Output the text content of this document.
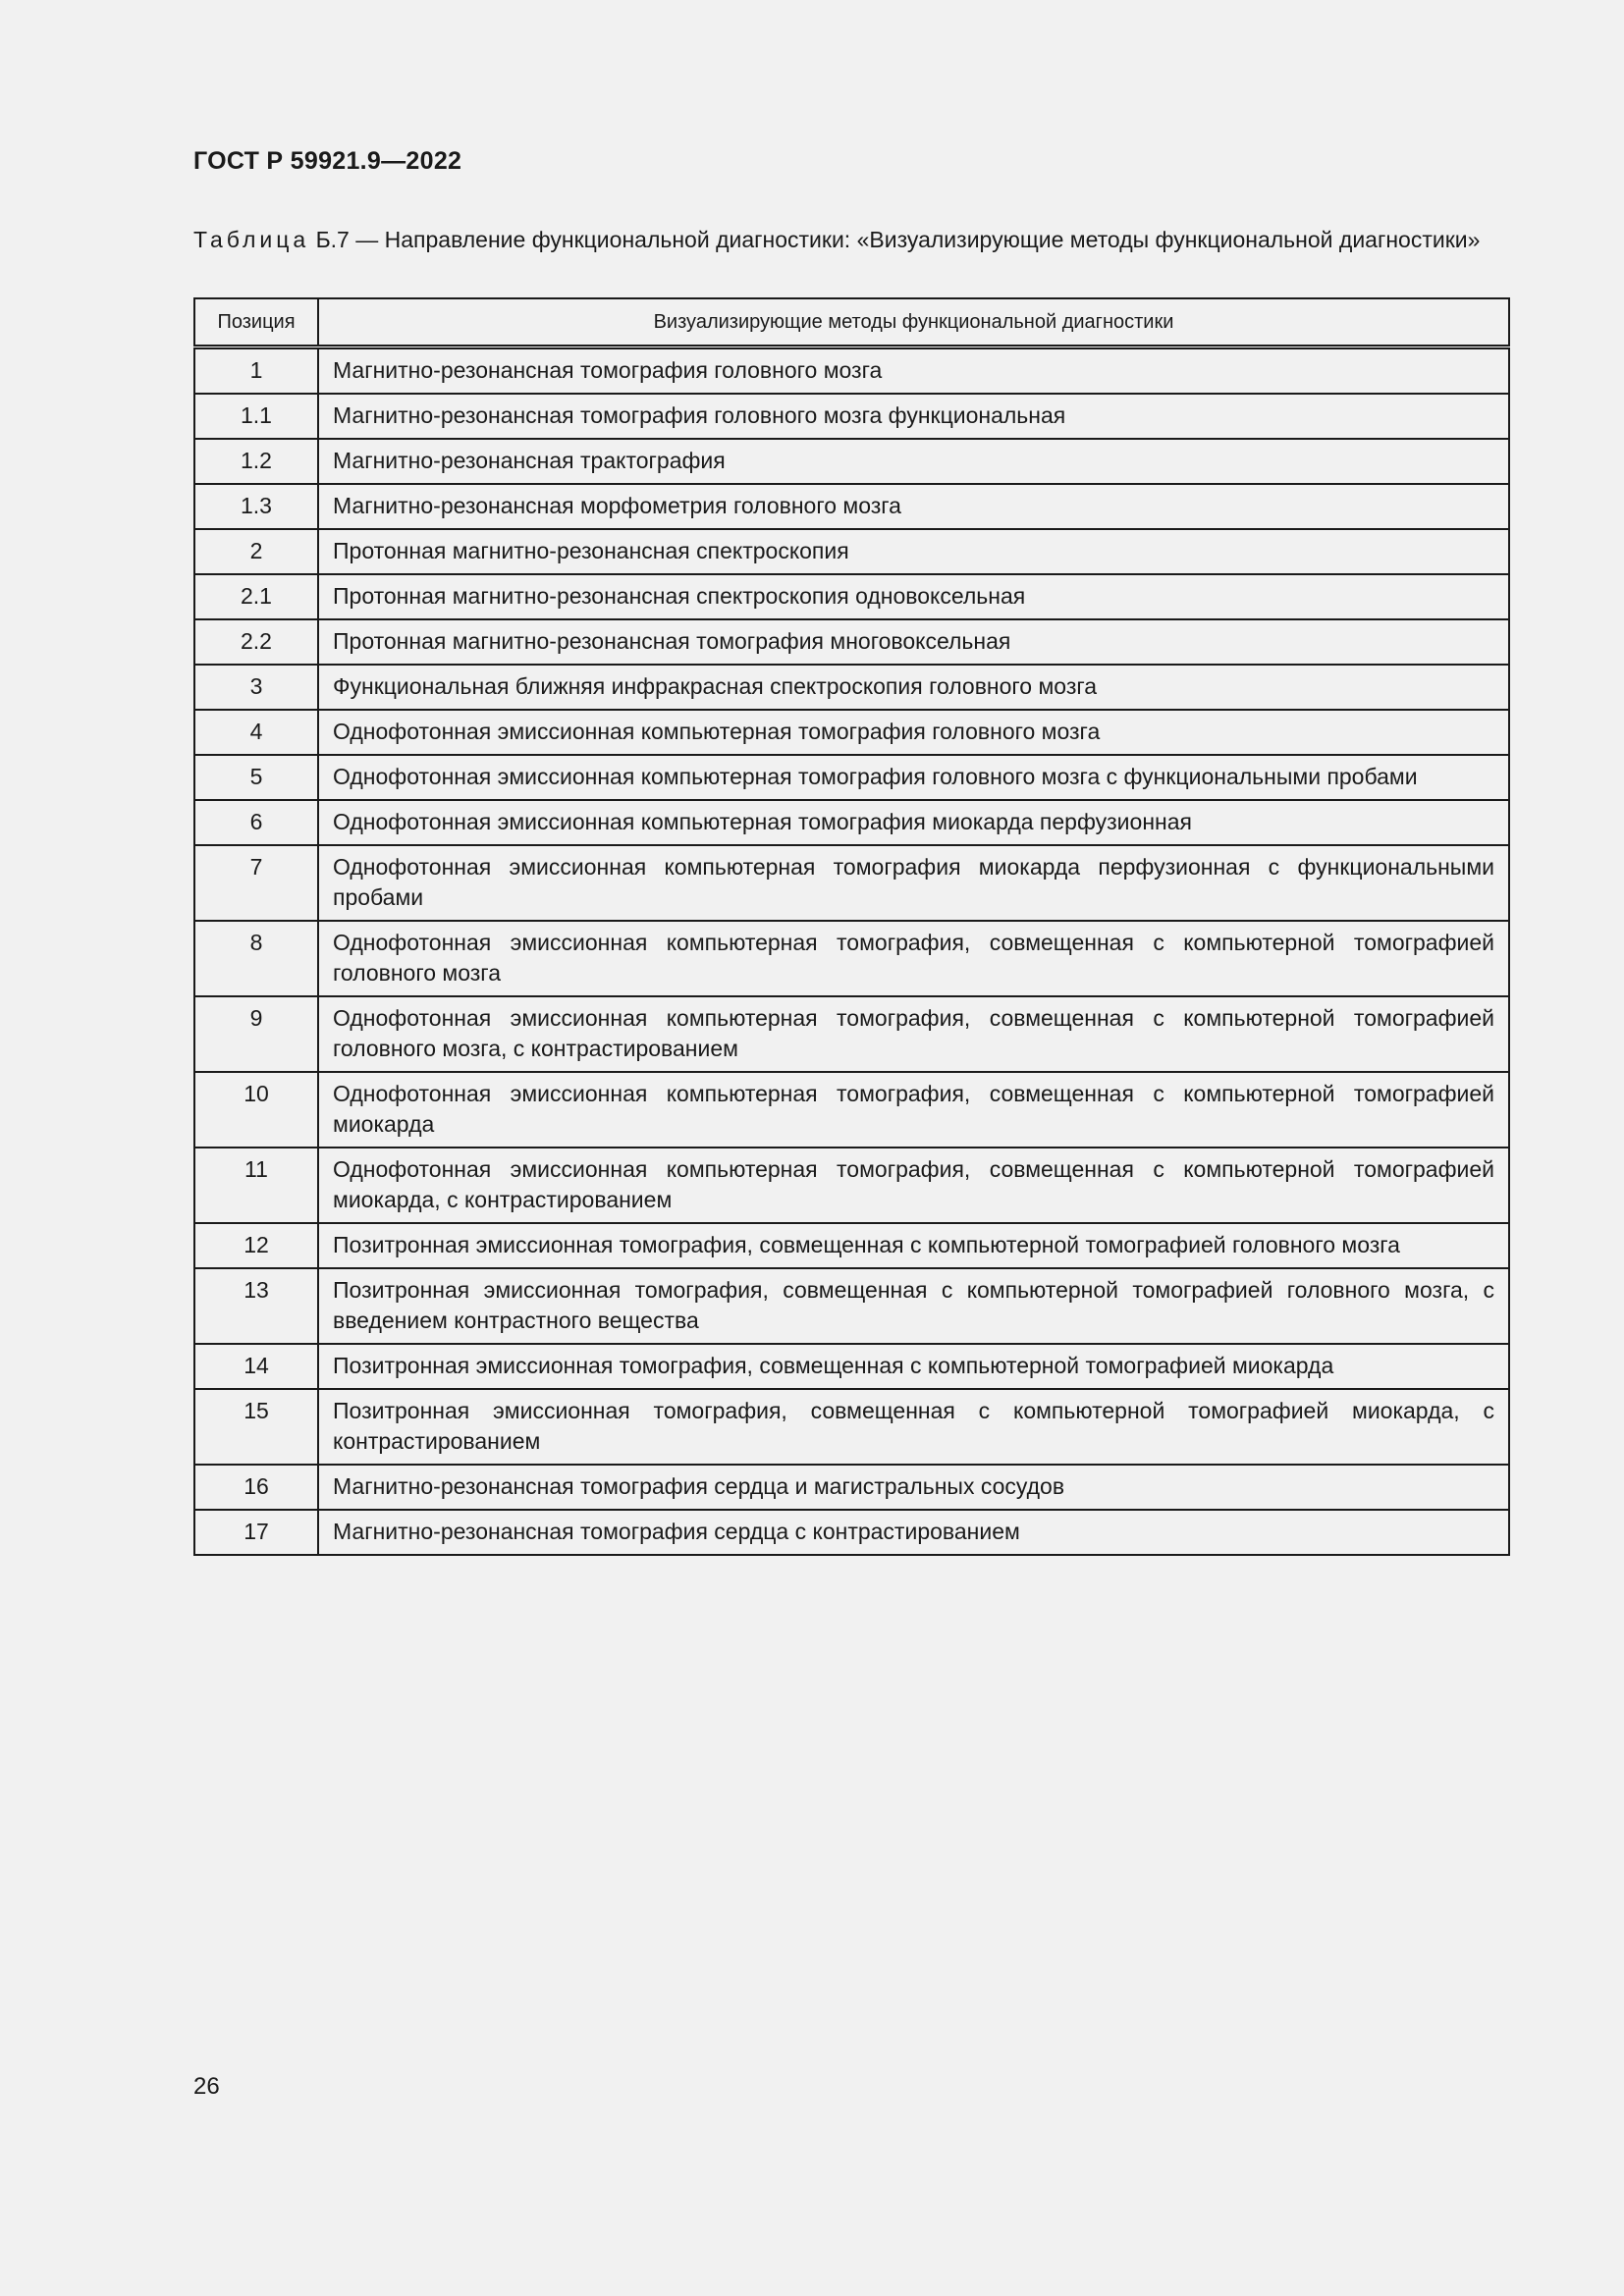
ГОСТ Р 59921.9—2022
Таблица Б.7 — Направление функциональной диагностики: «Визуализирующие методы функциональной диагностики»
Позиция	Визуализирующие методы функциональной диагностики
1	Магнитно-резонансная томография головного мозга
1.1	Магнитно-резонансная томография головного мозга функциональная
1.2	Магнитно-резонансная трактография
1.3	Магнитно-резонансная морфометрия головного мозга
2	Протонная магнитно-резонансная спектроскопия
2.1	Протонная магнитно-резонансная спектроскопия одновоксельная
2.2	Протонная магнитно-резонансная томография многовоксельная
3	Функциональная ближняя инфракрасная спектроскопия головного мозга
4	Однофотонная эмиссионная компьютерная томография головного мозга
5	Однофотонная эмиссионная компьютерная томография головного мозга с функциональными пробами
6	Однофотонная эмиссионная компьютерная томография миокарда перфузионная
7	Однофотонная эмиссионная компьютерная томография миокарда перфузионная с функциональными пробами
8	Однофотонная эмиссионная компьютерная томография, совмещенная с компьютерной томографией головного мозга
9	Однофотонная эмиссионная компьютерная томография, совмещенная с компьютерной томографией головного мозга, с контрастированием
10	Однофотонная эмиссионная компьютерная томография, совмещенная с компьютерной томографией миокарда
11	Однофотонная эмиссионная компьютерная томография, совмещенная с компьютерной томографией миокарда, с контрастированием
12	Позитронная эмиссионная томография, совмещенная с компьютерной томографией головного мозга
13	Позитронная эмиссионная томография, совмещенная с компьютерной томографией головного мозга, с введением контрастного вещества
14	Позитронная эмиссионная томография, совмещенная с компьютерной томографией миокарда
15	Позитронная эмиссионная томография, совмещенная с компьютерной томографией миокарда, с контрастированием
16	Магнитно-резонансная томография сердца и магистральных сосудов
17	Магнитно-резонансная томография сердца с контрастированием
26
